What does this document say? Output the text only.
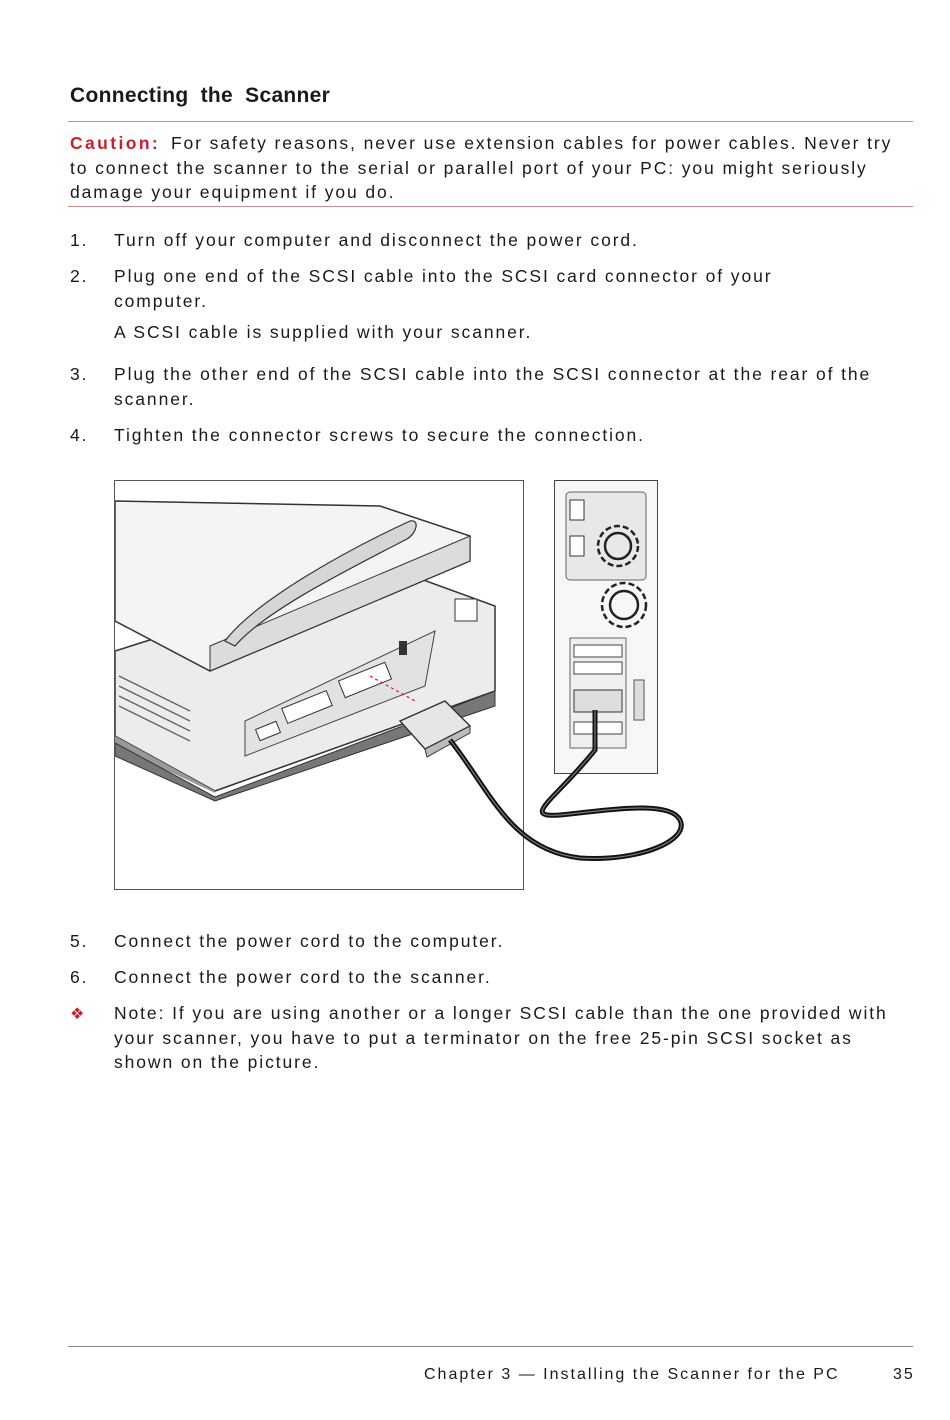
Connecting the Scanner
Caution: For safety reasons, never use extension cables for power cables. Never try to connect the scanner to the serial or parallel port of your PC: you might seriously damage your equipment if you do.
1. Turn off your computer and disconnect the power cord.
2. Plug one end of the SCSI cable into the SCSI card connector of your computer.
A SCSI cable is supplied with your scanner.
3. Plug the other end of the SCSI cable into the SCSI connector at the rear of the scanner.
4. Tighten the connector screws to secure the connection.
5. Connect the power cord to the computer.
6. Connect the power cord to the scanner.
❖ Note: If you are using another or a longer SCSI cable than the one provided with your scanner, you have to put a terminator on the free 25-pin SCSI socket as shown on the picture.
Chapter 3 — Installing the Scanner for the PC	35
